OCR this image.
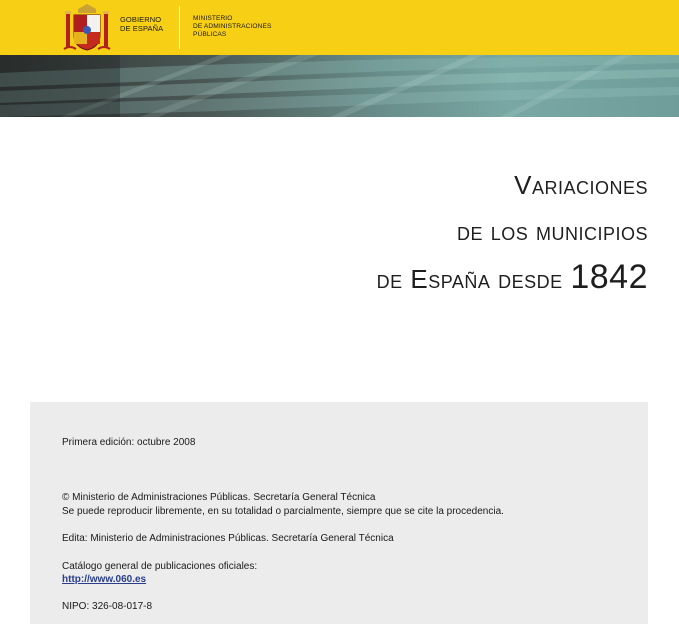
GOBIERNO
DE ESPAÑA
MINISTERIO
DE ADMINISTRACIONES
PÚBLICAS
Variaciones
de los municipios
de España desde 1842
Primera edición: octubre 2008
© Ministerio de Administraciones Públicas. Secretaría General Técnica
Se puede reproducir libremente, en su totalidad o parcialmente, siempre que se cite la procedencia.
Edita: Ministerio de Administraciones Públicas. Secretaría General Técnica
Catálogo general de publicaciones oficiales:
http://www.060.es
NIPO: 326-08-017-8
